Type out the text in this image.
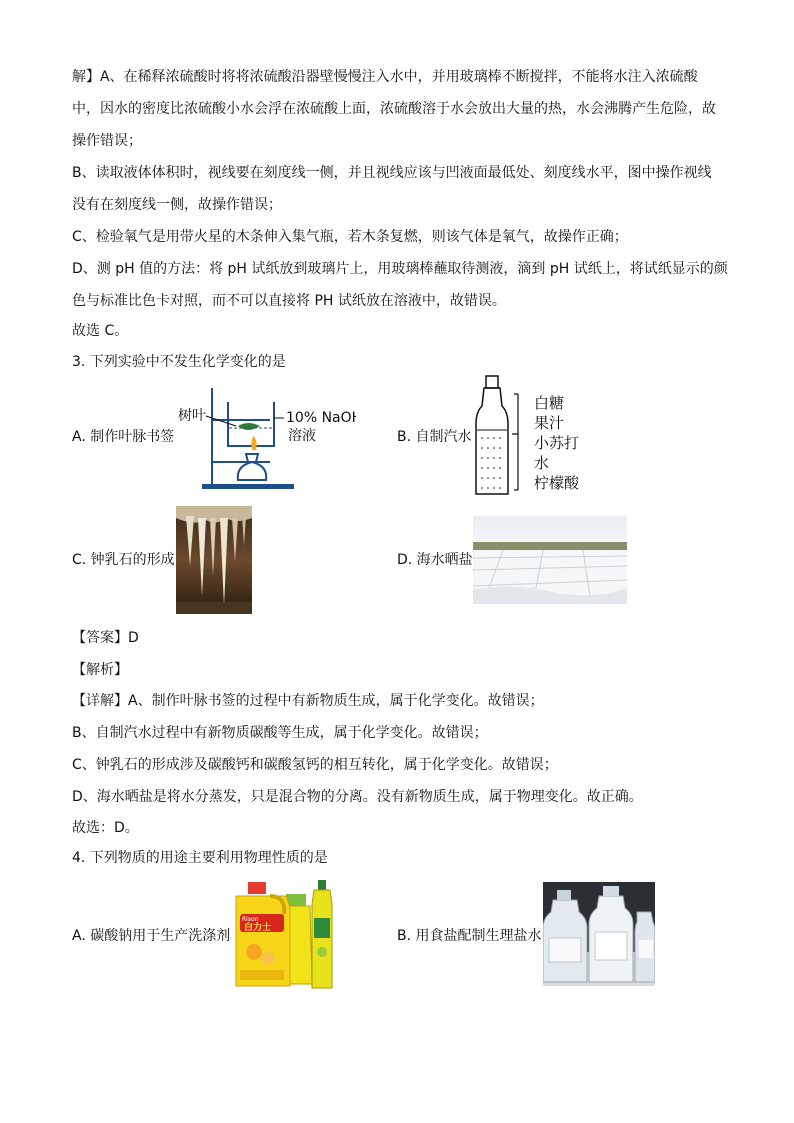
解】A、在稀释浓硫酸时将将浓硫酸沿器壁慢慢注入水中，并用玻璃棒不断搅拌，不能将水注入浓硫酸
中，因水的密度比浓硫酸小水会浮在浓硫酸上面，浓硫酸溶于水会放出大量的热，水会沸腾产生危险，故
操作错误；
B、读取液体体积时，视线要在刻度线一侧，并且视线应该与凹液面最低处、刻度线水平，图中操作视线
没有在刻度线一侧，故操作错误；
C、检验氧气是用带火星的木条伸入集气瓶，若木条复燃，则该气体是氧气，故操作正确；
D、测 pH 值的方法：将 pH 试纸放到玻璃片上，用玻璃棒蘸取待测液，滴到 pH 试纸上，将试纸显示的颜
色与标准比色卡对照，而不可以直接将 PH 试纸放在溶液中，故错误。
故选 C。
3. 下列实验中不发生化学变化的是
A. 制作叶脉书签
树叶	10% NaOH
溶液	B. 自制汽水
白糖
果汁
小苏打
水
柠檬酸
C. 钟乳石的形成	D. 海水晒盐
【答案】D
【解析】
【详解】A、制作叶脉书签的过程中有新物质生成，属于化学变化。故错误；
B、自制汽水过程中有新物质碳酸等生成，属于化学变化。故错误；
C、钟乳石的形成涉及碳酸钙和碳酸氢钙的相互转化，属于化学变化。故错误；
D、海水晒盐是将水分蒸发，只是混合物的分离。没有新物质生成，属于物理变化。故正确。
故选：D。
4. 下列物质的用途主要利用物理性质的是
A. 碳酸钠用于生产洗涤剂
Rison
白力士	B. 用食盐配制生理盐水
